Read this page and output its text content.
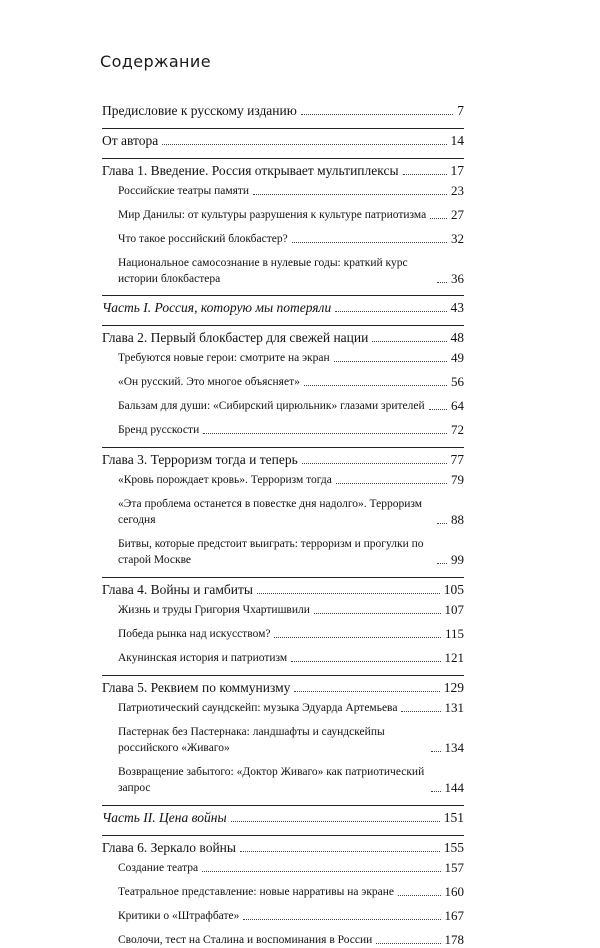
Содержание
Предисловие к русскому изданию	7
От автора	14
Глава 1. Введение. Россия открывает мультиплексы	17
Российские театры памяти	23
Мир Данилы: от культуры разрушения к культуре патриотизма 27
Что такое российский блокбастер?	32
Национальное самосознание в нулевые годы: краткий курс истории блокбастера	36
Часть I. Россия, которую мы потеряли	43
Глава 2. Первый блокбастер для свежей нации	48
Требуются новые герои: смотрите на экран	49
«Он русский. Это многое объясняет»	56
Бальзам для души: «Сибирский цирюльник» глазами зрителей 64
Бренд русскости	72
Глава 3. Терроризм тогда и теперь	77
«Кровь порождает кровь». Терроризм тогда	79
«Эта проблема останется в повестке дня надолго». Терроризм сегодня	88
Битвы, которые предстоит выиграть: терроризм и прогулки по старой Москве	99
Глава 4. Войны и гамбиты	105
Жизнь и труды Григория Чхартишвили	107
Победа рынка над искусством?	115
Акунинская история и патриотизм	121
Глава 5. Реквием по коммунизму	129
Патриотический саундскейп: музыка Эдуарда Артемьева	131
Пастернак без Пастернака: ландшафты и саундскейпы российского «Живаго»	134
Возвращение забытого: «Доктор Живаго» как патриотический запрос	144
Часть II. Цена войны	151
Глава 6. Зеркало войны	155
Создание театра	157
Театральное представление: новые нарративы на экране	160
Критики о «Штрафбате»	167
Сволочи, тест на Сталина и воспоминания в России	178
